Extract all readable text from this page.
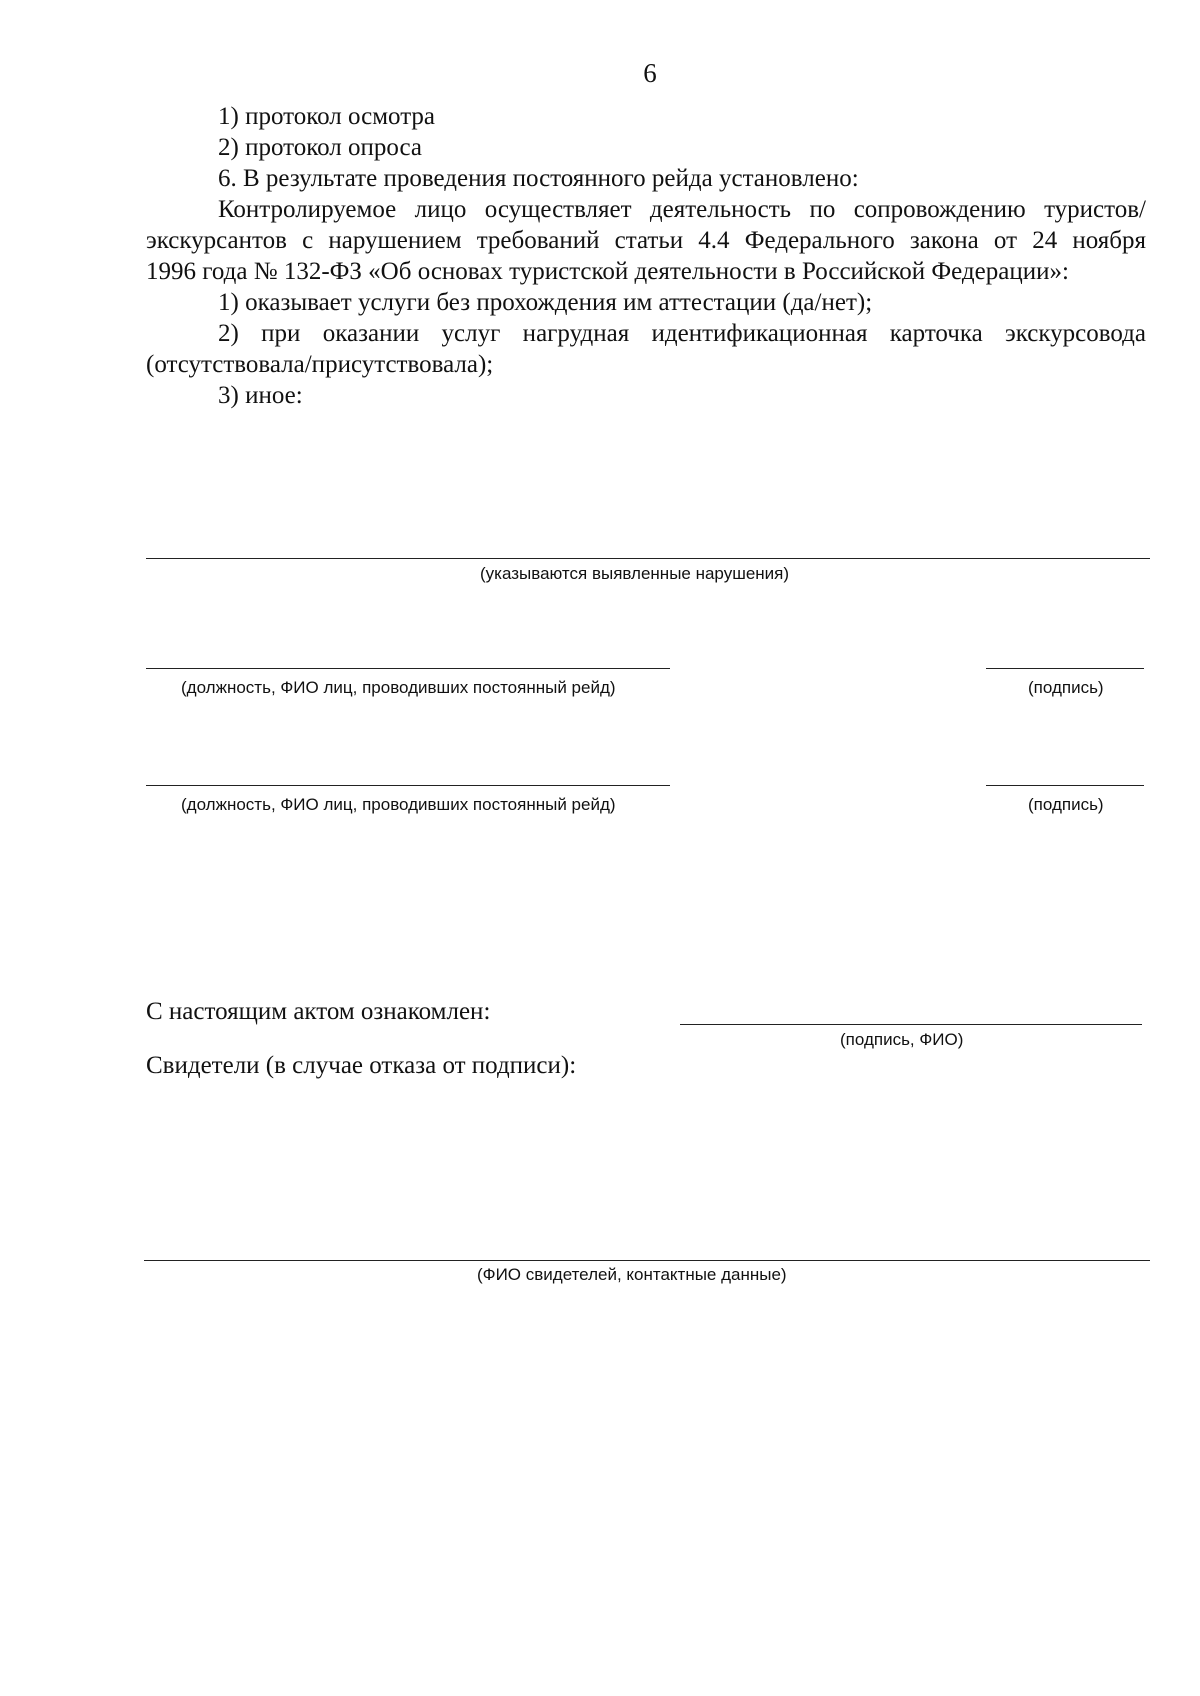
6
1) протокол осмотра
2) протокол опроса
6. В результате проведения постоянного рейда установлено:
Контролируемое лицо осуществляет деятельность по сопровождению туристов/
экскурсантов с нарушением требований статьи 4.4 Федерального закона от 24 ноября
1996 года № 132-ФЗ «Об основах туристской деятельности в Российской Федерации»:
1) оказывает услуги без прохождения им аттестации (да/нет);
2) при оказании услуг нагрудная идентификационная карточка экскурсовода
(отсутствовала/присутствовала);
3) иное:
(указываются выявленные нарушения)
(должность, ФИО лиц, проводивших постоянный рейд)	(подпись)
(должность, ФИО лиц, проводивших постоянный рейд)	(подпись)
С настоящим актом ознакомлен:
(подпись, ФИО)
Свидетели (в случае отказа от подписи):
(ФИО свидетелей, контактные данные)
